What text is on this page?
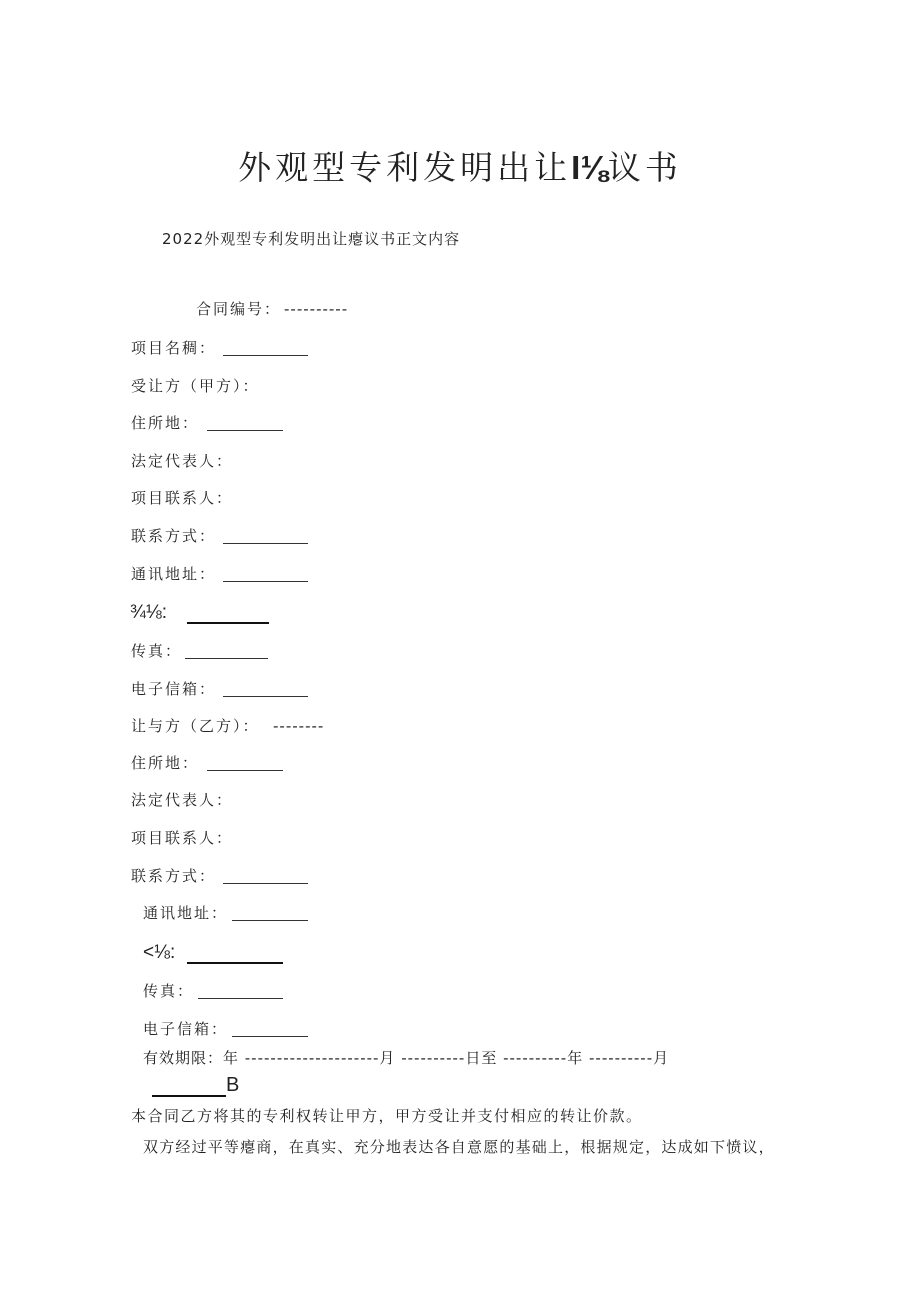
外观型专利发明出让I⅛议书
2022外观型专利发明出让瘪议书正文内容
合同编号： ----------
项目名稠：
受让方（甲方）：
住所地：
法定代表人：
项目联系人：
联系方式：
通讯地址：
¾⅛:
传真：
电子信箱：
让与方（乙方）： --------
住所地：
法定代表人：
项目联系人：
联系方式：
通讯地址：
<⅛:
传真：
电子信箱：
有效期限：年 ---------------------月 ----------日至 ----------年 ----------月
B
本合同乙方将其的专利权转让甲方，甲方受让并支付相应的转让价款。
双方经过平等瘪商，在真实、充分地表达各自意愿的基础上，根据规定，达成如下愤议，
